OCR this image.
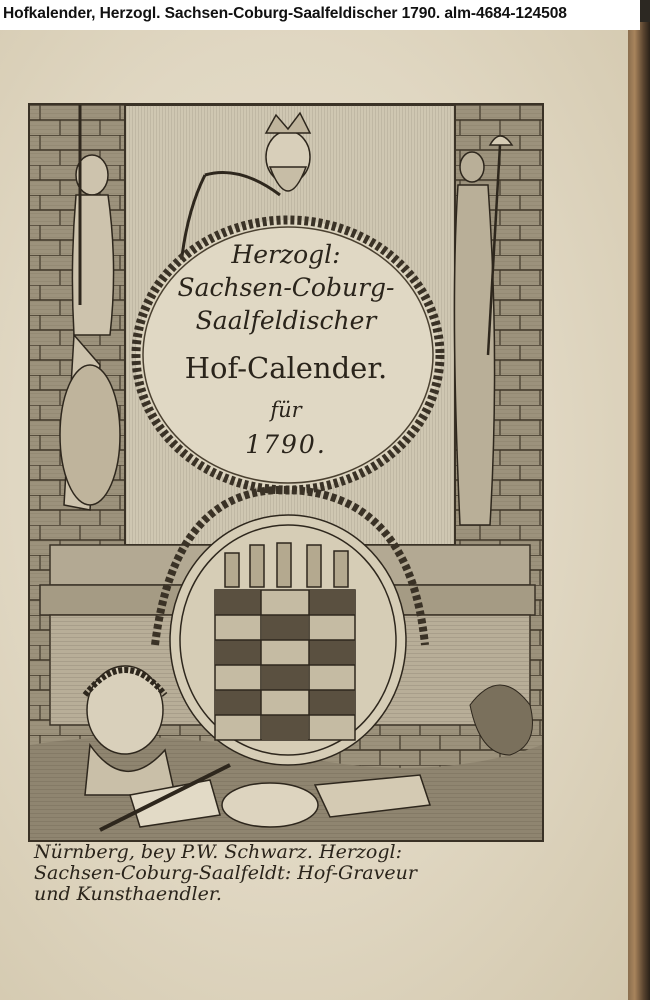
Hofkalender, Herzogl. Sachsen-Coburg-Saalfeldischer 1790. alm-4684-124508
Herzogl:
Sachsen-Coburg-
Saalfeldischer
Hof-Calender.
für
1790.
Nürnberg, bey P.W. Schwarz. Herzogl:
Sachsen-Coburg-Saalfeldt: Hof-Graveur
und Kunsthaendler.
